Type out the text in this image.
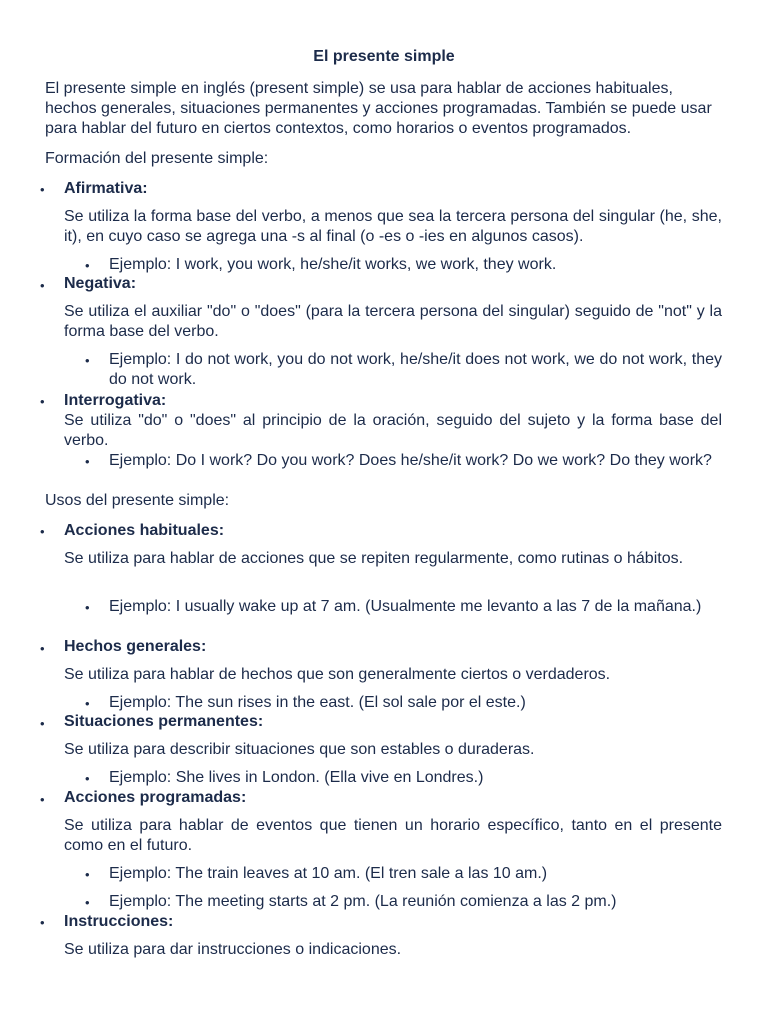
El presente simple

El presente simple en inglés (present simple) se usa para hablar de acciones habituales, hechos generales, situaciones permanentes y acciones programadas. También se puede usar para hablar del futuro en ciertos contextos, como horarios o eventos programados.

Formación del presente simple:

•	Afirmativa:

Se utiliza la forma base del verbo, a menos que sea la tercera persona del singular (he, she, it), en cuyo caso se agrega una -s al final (o -es o -ies en algunos casos).

•	Ejemplo: I work, you work, he/she/it works, we work, they work.

•	Negativa:

Se utiliza el auxiliar "do" o "does" (para la tercera persona del singular) seguido de "not" y la forma base del verbo.

•	Ejemplo: I do not work, you do not work, he/she/it does not work, we do not work, they do not work.

•	Interrogativa:

Se utiliza "do" o "does" al principio de la oración, seguido del sujeto y la forma base del verbo.

•	Ejemplo: Do I work? Do you work? Does he/she/it work? Do we work? Do they work?

Usos del presente simple:

•	Acciones habituales:

Se utiliza para hablar de acciones que se repiten regularmente, como rutinas o hábitos.

•	Ejemplo: I usually wake up at 7 am. (Usualmente me levanto a las 7 de la mañana.)

•	Hechos generales:

Se utiliza para hablar de hechos que son generalmente ciertos o verdaderos.

•	Ejemplo: The sun rises in the east. (El sol sale por el este.)

•	Situaciones permanentes:

Se utiliza para describir situaciones que son estables o duraderas.

•	Ejemplo: She lives in London. (Ella vive en Londres.)

•	Acciones programadas:

Se utiliza para hablar de eventos que tienen un horario específico, tanto en el presente como en el futuro.

•	Ejemplo: The train leaves at 10 am. (El tren sale a las 10 am.)

•	Ejemplo: The meeting starts at 2 pm. (La reunión comienza a las 2 pm.)

•	Instrucciones:

Se utiliza para dar instrucciones o indicaciones.
